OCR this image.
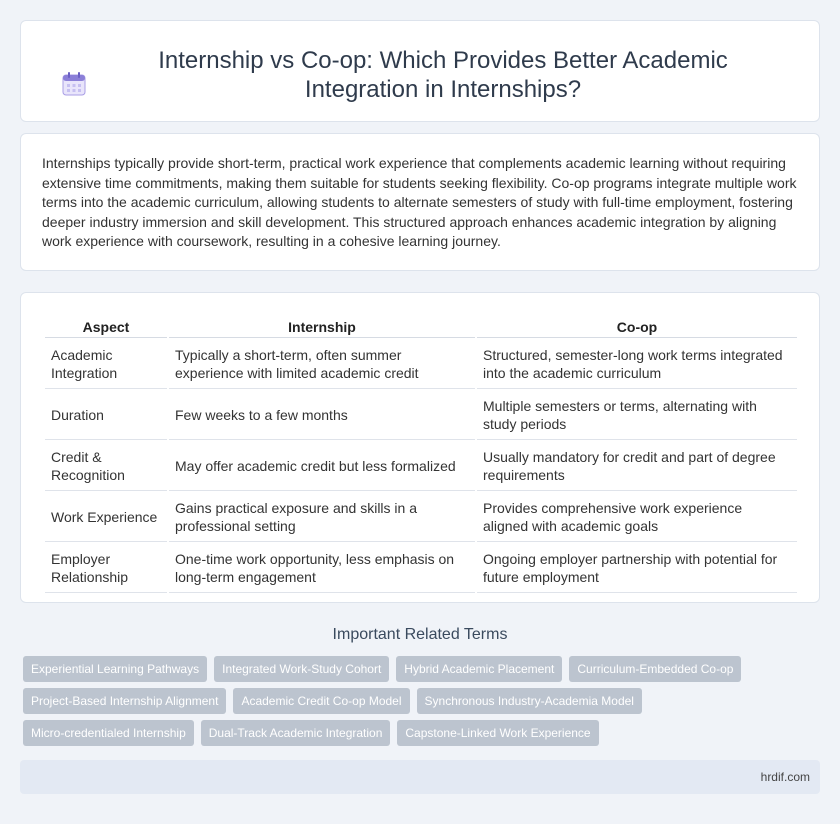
Internship vs Co-op: Which Provides Better Academic Integration in Internships?

Internships typically provide short-term, practical work experience that complements academic learning without requiring extensive time commitments, making them suitable for students seeking flexibility. Co-op programs integrate multiple work terms into the academic curriculum, allowing students to alternate semesters of study with full-time employment, fostering deeper industry immersion and skill development. This structured approach enhances academic integration by aligning work experience with coursework, resulting in a cohesive learning journey.

Aspect	Internship	Co-op
Academic Integration	Typically a short-term, often summer experience with limited academic credit	Structured, semester-long work terms integrated into the academic curriculum
Duration	Few weeks to a few months	Multiple semesters or terms, alternating with study periods
Credit & Recognition	May offer academic credit but less formalized	Usually mandatory for credit and part of degree requirements
Work Experience	Gains practical exposure and skills in a professional setting	Provides comprehensive work experience aligned with academic goals
Employer Relationship	One-time work opportunity, less emphasis on long-term engagement	Ongoing employer partnership with potential for future employment
Important Related Terms
Experiential Learning Pathways	Integrated Work-Study Cohort	Hybrid Academic Placement	Curriculum-Embedded Co-op
Project-Based Internship Alignment	Academic Credit Co-op Model	Synchronous Industry-Academia Model
Micro-credentialed Internship	Dual-Track Academic Integration	Capstone-Linked Work Experience
hrdif.com
